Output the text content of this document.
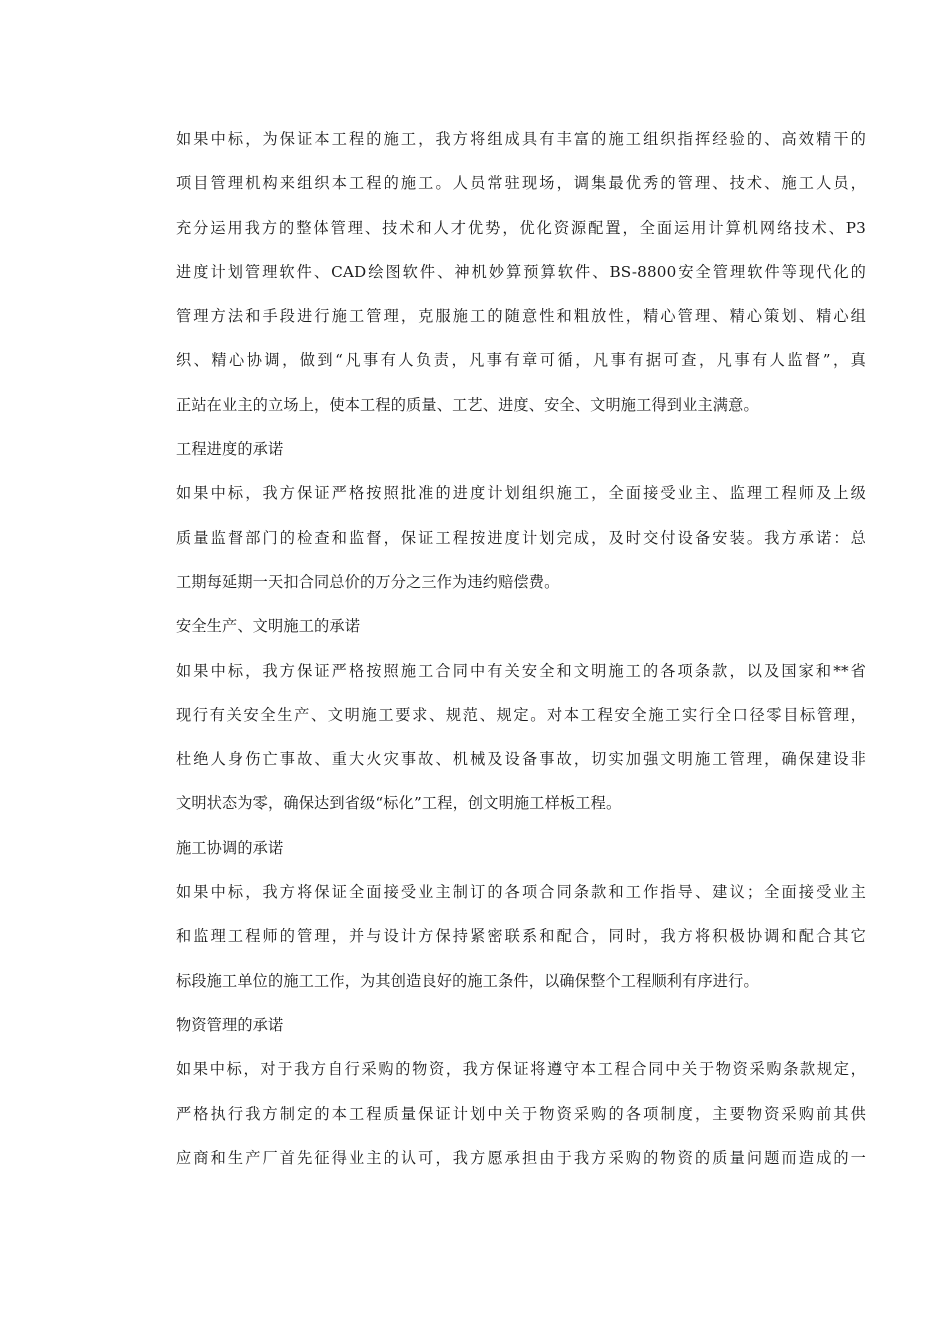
如果中标，为保证本工程的施工，我方将组成具有丰富的施工组织指挥经验的、高效精干的
项目管理机构来组织本工程的施工。人员常驻现场，调集最优秀的管理、技术、施工人员，
充分运用我方的整体管理、技术和人才优势，优化资源配置，全面运用计算机网络技术、P3
进度计划管理软件、CAD绘图软件、神机妙算预算软件、BS-8800安全管理软件等现代化的
管理方法和手段进行施工管理，克服施工的随意性和粗放性，精心管理、精心策划、精心组
织、精心协调，做到“凡事有人负责，凡事有章可循，凡事有据可查，凡事有人监督”，真
正站在业主的立场上，使本工程的质量、工艺、进度、安全、文明施工得到业主满意。
工程进度的承诺
如果中标，我方保证严格按照批准的进度计划组织施工，全面接受业主、监理工程师及上级
质量监督部门的检查和监督，保证工程按进度计划完成，及时交付设备安装。我方承诺：总
工期每延期一天扣合同总价的万分之三作为违约赔偿费。
安全生产、文明施工的承诺
如果中标，我方保证严格按照施工合同中有关安全和文明施工的各项条款，以及国家和**省
现行有关安全生产、文明施工要求、规范、规定。对本工程安全施工实行全口径零目标管理，
杜绝人身伤亡事故、重大火灾事故、机械及设备事故，切实加强文明施工管理，确保建设非
文明状态为零，确保达到省级“标化”工程，创文明施工样板工程。
施工协调的承诺
如果中标，我方将保证全面接受业主制订的各项合同条款和工作指导、建议；全面接受业主
和监理工程师的管理，并与设计方保持紧密联系和配合，同时，我方将积极协调和配合其它
标段施工单位的施工工作，为其创造良好的施工条件，以确保整个工程顺利有序进行。
物资管理的承诺
如果中标，对于我方自行采购的物资，我方保证将遵守本工程合同中关于物资采购条款规定，
严格执行我方制定的本工程质量保证计划中关于物资采购的各项制度，主要物资采购前其供
应商和生产厂首先征得业主的认可，我方愿承担由于我方采购的物资的质量问题而造成的一
